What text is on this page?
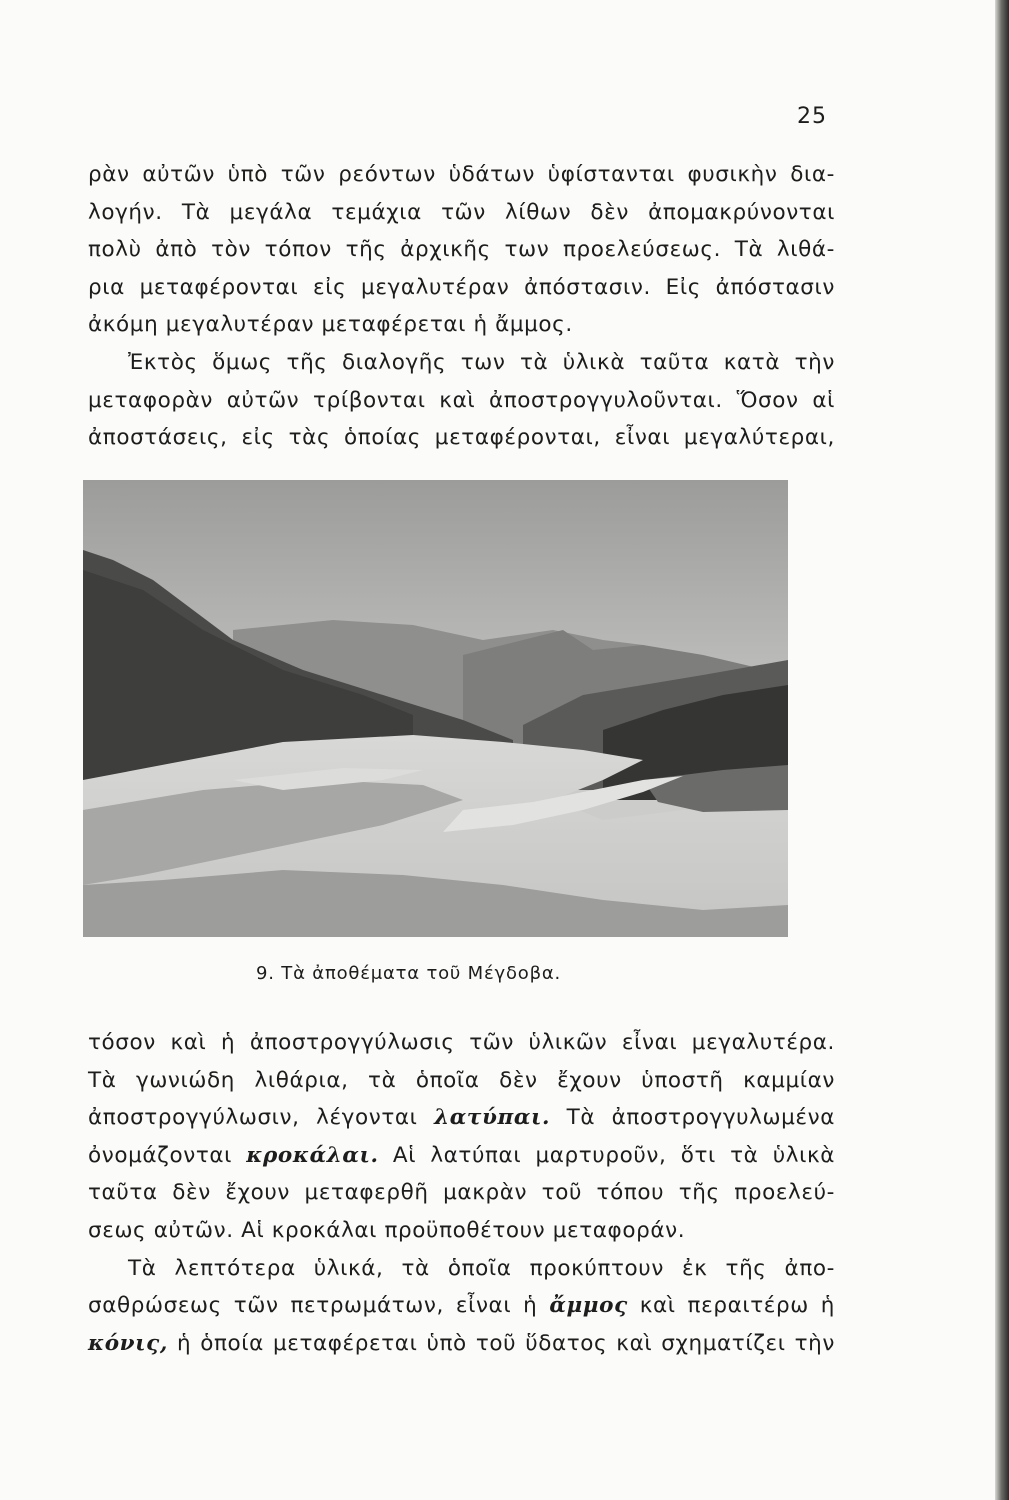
25
ρὰν αὐτῶν ὑπὸ τῶν ρεόντων ὑδάτων ὑφίστανται φυσικὴν δια-
λογήν. Τὰ μεγάλα τεμάχια τῶν λίθων δὲν ἀπομακρύνονται
πολὺ ἀπὸ τὸν τόπον τῆς ἀρχικῆς των προελεύσεως. Τὰ λιθά-
ρια μεταφέρονται εἰς μεγαλυτέραν ἀπόστασιν. Εἰς ἀπόστασιν
ἀκόμη μεγαλυτέραν μεταφέρεται ἡ ἄμμος.
Ἐκτὸς ὅμως τῆς διαλογῆς των τὰ ὑλικὰ ταῦτα κατὰ τὴν
μεταφορὰν αὐτῶν τρίβονται καὶ ἀποστρογγυλοῦνται. Ὅσον αἱ
ἀποστάσεις, εἰς τὰς ὁποίας μεταφέρονται, εἶναι μεγαλύτεραι,
9. Τὰ ἀποθέματα τοῦ Μέγδοβα.
τόσον καὶ ἡ ἀποστρογγύλωσις τῶν ὑλικῶν εἶναι μεγαλυτέρα.
Τὰ γωνιώδη λιθάρια, τὰ ὁποῖα δὲν ἔχουν ὑποστῆ καμμίαν
ἀποστρογγύλωσιν, λέγονται λατύπαι. Τὰ ἀποστρογγυλωμένα
ὀνομάζονται κροκάλαι. Αἱ λατύπαι μαρτυροῦν, ὅτι τὰ ὑλικὰ
ταῦτα δὲν ἔχουν μεταφερθῆ μακρὰν τοῦ τόπου τῆς προελεύ-
σεως αὐτῶν. Αἱ κροκάλαι προϋποθέτουν μεταφοράν.
Τὰ λεπτότερα ὑλικά, τὰ ὁποῖα προκύπτουν ἐκ τῆς ἀπο-
σαθρώσεως τῶν πετρωμάτων, εἶναι ἡ ἄμμος καὶ περαιτέρω ἡ
κόνις, ἡ ὁποία μεταφέρεται ὑπὸ τοῦ ὕδατος καὶ σχηματίζει τὴν
